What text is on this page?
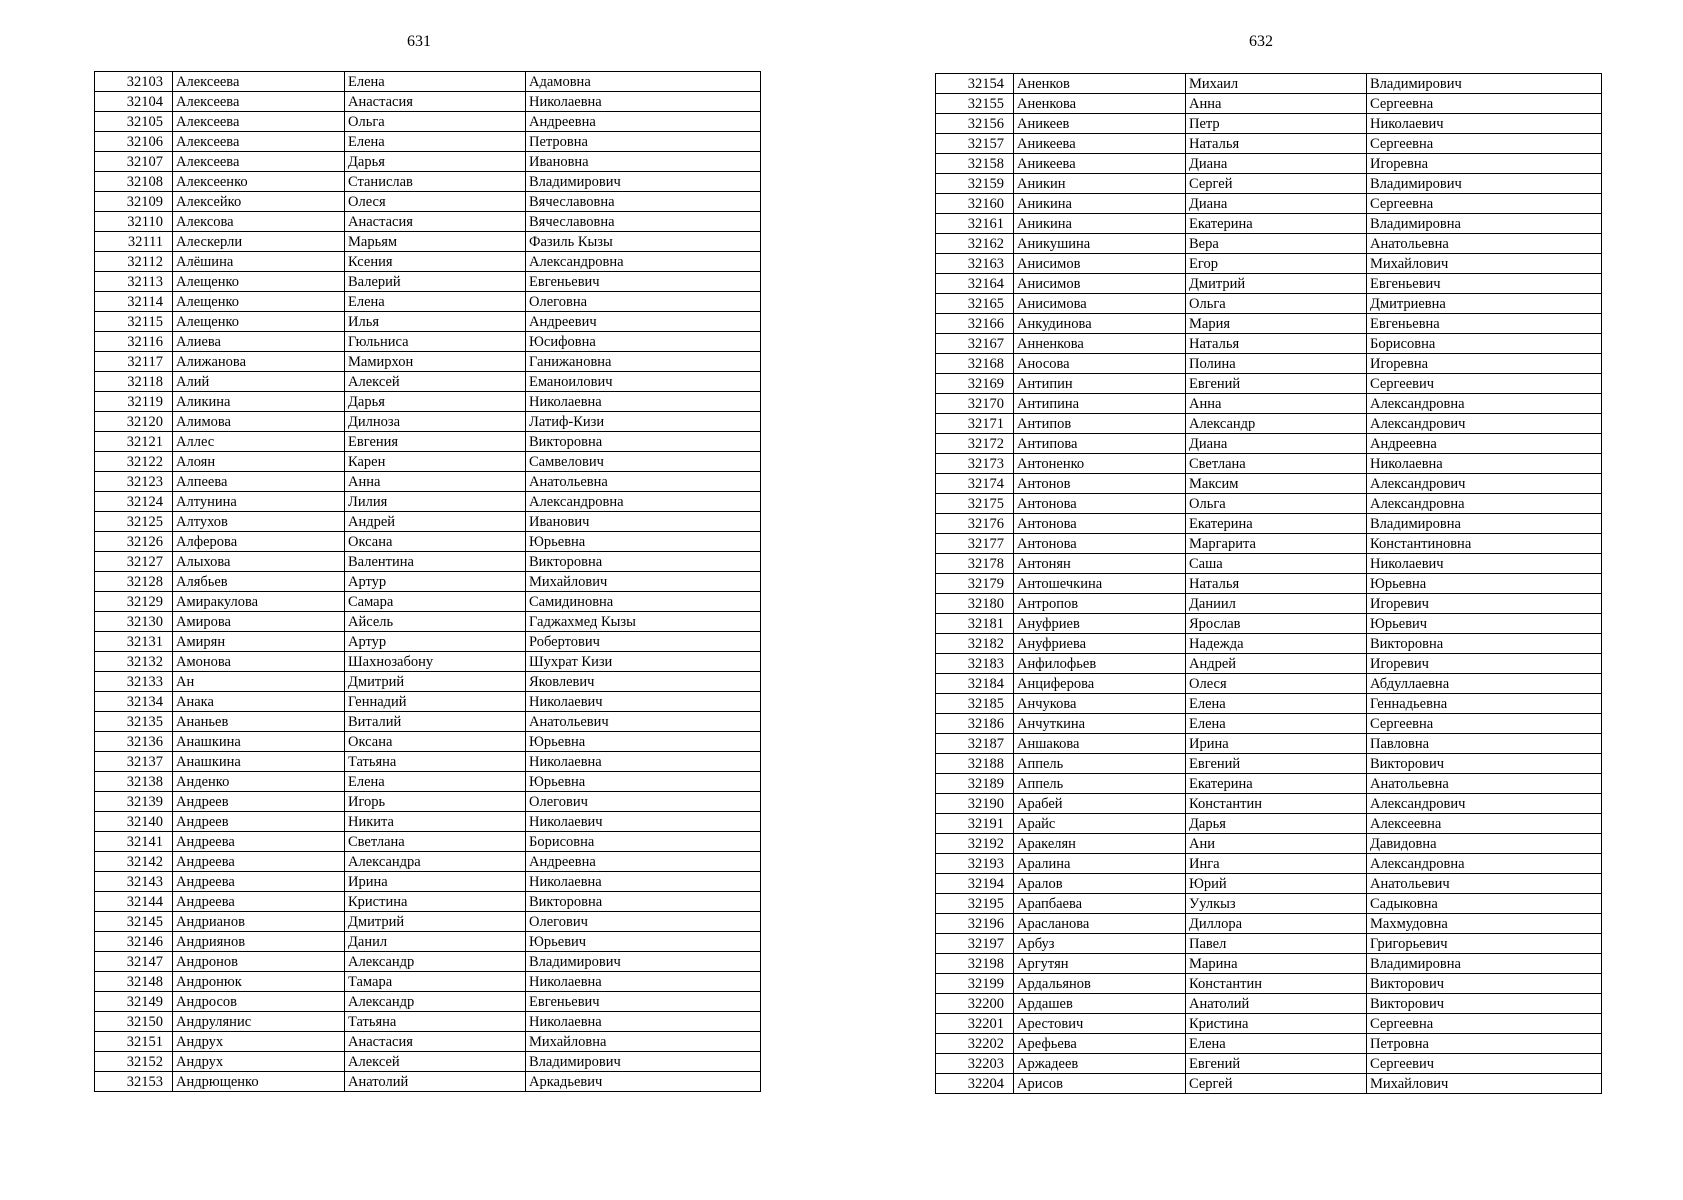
631	632
32103	Алексеева	Елена	Адамовна
32104	Алексеева	Анастасия	Николаевна
32105	Алексеева	Ольга	Андреевна
32106	Алексеева	Елена	Петровна
32107	Алексеева	Дарья	Ивановна
32108	Алексеенко	Станислав	Владимирович
32109	Алексейко	Олеся	Вячеславовна
32110	Алексова	Анастасия	Вячеславовна
32111	Алескерли	Марьям	Фазиль Кызы
32112	Алёшина	Ксения	Александровна
32113	Алещенко	Валерий	Евгеньевич
32114	Алещенко	Елена	Олеговна
32115	Алещенко	Илья	Андреевич
32116	Алиева	Гюльниса	Юсифовна
32117	Алижанова	Мамирхон	Ганижановна
32118	Алий	Алексей	Еманоилович
32119	Аликина	Дарья	Николаевна
32120	Алимова	Дилноза	Латиф-Кизи
32121	Аллес	Евгения	Викторовна
32122	Алоян	Карен	Самвелович
32123	Алпеева	Анна	Анатольевна
32124	Алтунина	Лилия	Александровна
32125	Алтухов	Андрей	Иванович
32126	Алферова	Оксана	Юрьевна
32127	Алыхова	Валентина	Викторовна
32128	Алябьев	Артур	Михайлович
32129	Амиракулова	Самара	Самидиновна
32130	Амирова	Айсель	Гаджахмед Кызы
32131	Амирян	Артур	Робертович
32132	Амонова	Шахнозабону	Шухрат Кизи
32133	Ан	Дмитрий	Яковлевич
32134	Анака	Геннадий	Николаевич
32135	Ананьев	Виталий	Анатольевич
32136	Анашкина	Оксана	Юрьевна
32137	Анашкина	Татьяна	Николаевна
32138	Анденко	Елена	Юрьевна
32139	Андреев	Игорь	Олегович
32140	Андреев	Никита	Николаевич
32141	Андреева	Светлана	Борисовна
32142	Андреева	Александра	Андреевна
32143	Андреева	Ирина	Николаевна
32144	Андреева	Кристина	Викторовна
32145	Андрианов	Дмитрий	Олегович
32146	Андриянов	Данил	Юрьевич
32147	Андронов	Александр	Владимирович
32148	Андронюк	Тамара	Николаевна
32149	Андросов	Александр	Евгеньевич
32150	Андрулянис	Татьяна	Николаевна
32151	Андрух	Анастасия	Михайловна
32152	Андрух	Алексей	Владимирович
32153	Андрющенко	Анатолий	Аркадьевич
32154	Аненков	Михаил	Владимирович
32155	Аненкова	Анна	Сергеевна
32156	Аникеев	Петр	Николаевич
32157	Аникеева	Наталья	Сергеевна
32158	Аникеева	Диана	Игоревна
32159	Аникин	Сергей	Владимирович
32160	Аникина	Диана	Сергеевна
32161	Аникина	Екатерина	Владимировна
32162	Аникушина	Вера	Анатольевна
32163	Анисимов	Егор	Михайлович
32164	Анисимов	Дмитрий	Евгеньевич
32165	Анисимова	Ольга	Дмитриевна
32166	Анкудинова	Мария	Евгеньевна
32167	Анненкова	Наталья	Борисовна
32168	Аносова	Полина	Игоревна
32169	Антипин	Евгений	Сергеевич
32170	Антипина	Анна	Александровна
32171	Антипов	Александр	Александрович
32172	Антипова	Диана	Андреевна
32173	Антоненко	Светлана	Николаевна
32174	Антонов	Максим	Александрович
32175	Антонова	Ольга	Александровна
32176	Антонова	Екатерина	Владимировна
32177	Антонова	Маргарита	Константиновна
32178	Антонян	Саша	Николаевич
32179	Антошечкина	Наталья	Юрьевна
32180	Антропов	Даниил	Игоревич
32181	Ануфриев	Ярослав	Юрьевич
32182	Ануфриева	Надежда	Викторовна
32183	Анфилофьев	Андрей	Игоревич
32184	Анциферова	Олеся	Абдуллаевна
32185	Анчукова	Елена	Геннадьевна
32186	Анчуткина	Елена	Сергеевна
32187	Аншакова	Ирина	Павловна
32188	Аппель	Евгений	Викторович
32189	Аппель	Екатерина	Анатольевна
32190	Арабей	Константин	Александрович
32191	Арайс	Дарья	Алексеевна
32192	Аракелян	Ани	Давидовна
32193	Аралина	Инга	Александровна
32194	Аралов	Юрий	Анатольевич
32195	Арапбаева	Уулкыз	Садыковна
32196	Арасланова	Диллора	Махмудовна
32197	Арбуз	Павел	Григорьевич
32198	Аргутян	Марина	Владимировна
32199	Ардальянов	Константин	Викторович
32200	Ардашев	Анатолий	Викторович
32201	Арестович	Кристина	Сергеевна
32202	Арефьева	Елена	Петровна
32203	Аржадеев	Евгений	Сергеевич
32204	Арисов	Сергей	Михайлович
